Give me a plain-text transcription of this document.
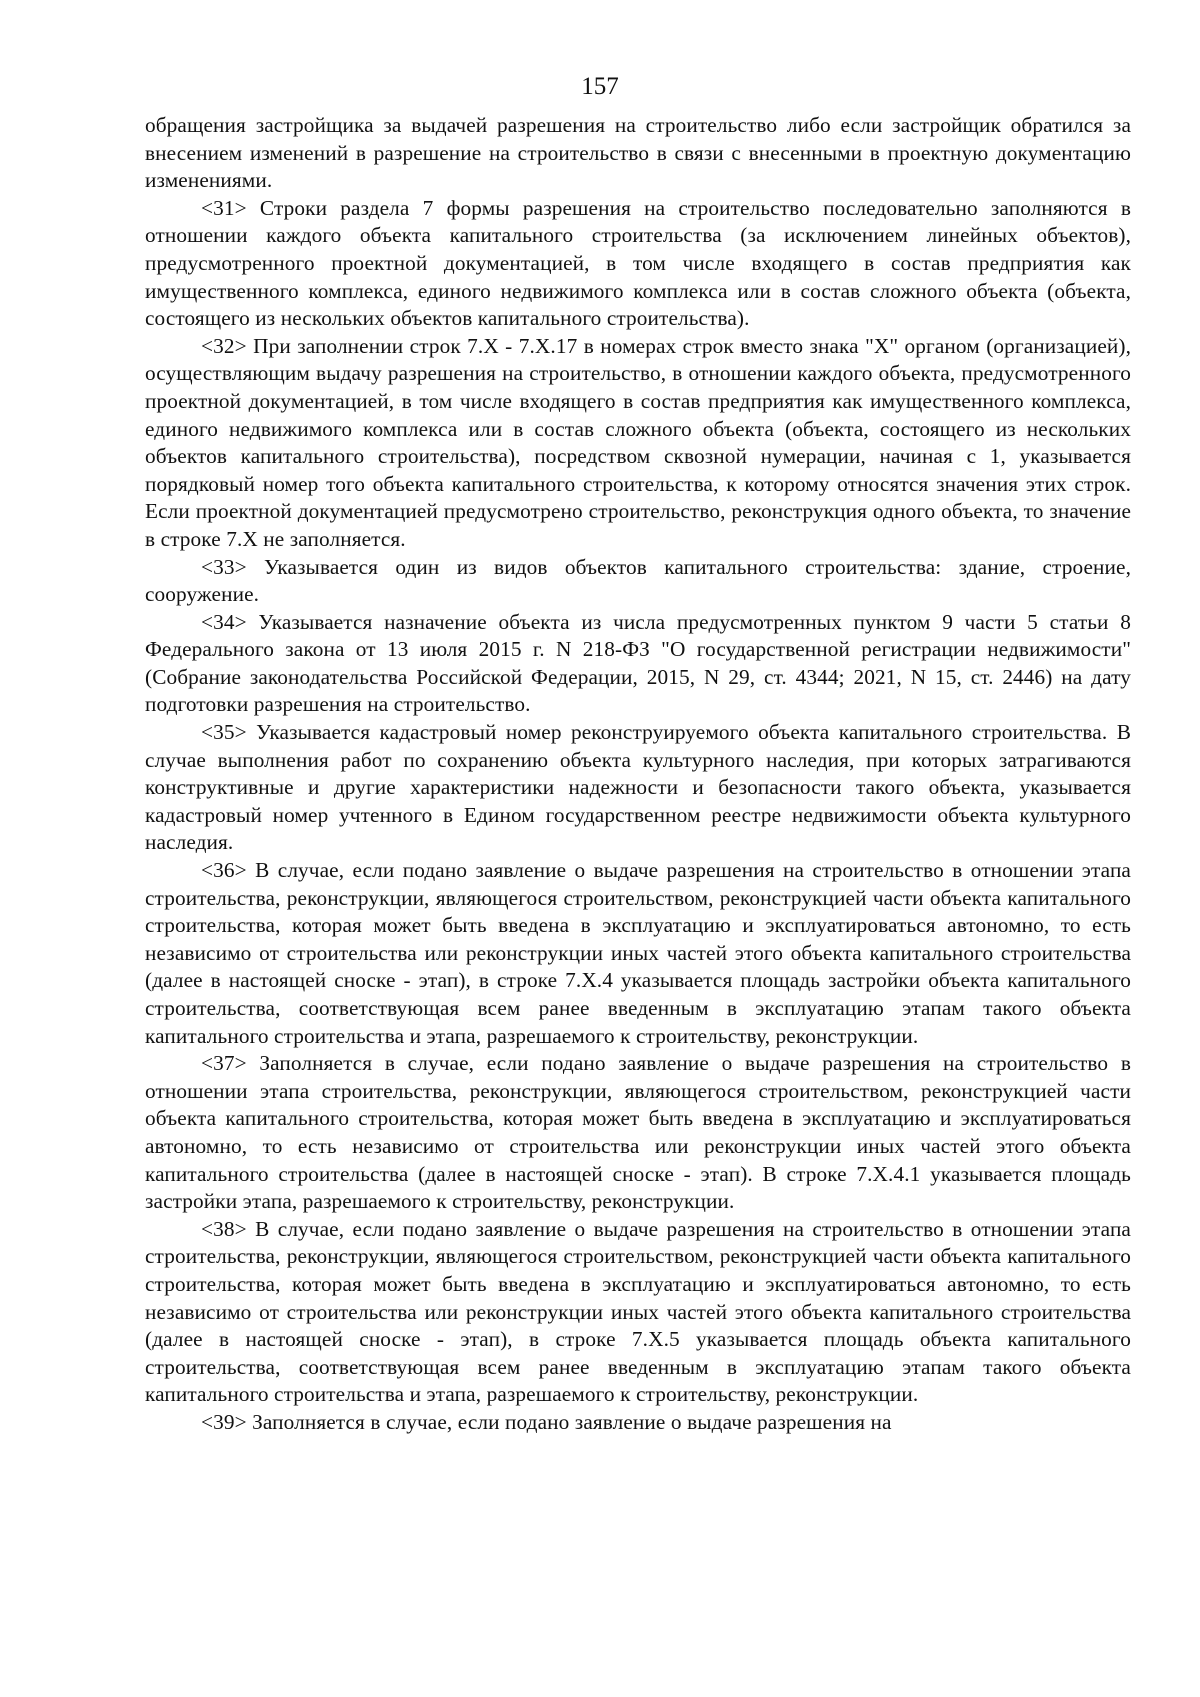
157

обращения застройщика за выдачей разрешения на строительство либо если застройщик обратился за внесением изменений в разрешение на строительство в связи с внесенными в проектную документацию изменениями.

<31> Строки раздела 7 формы разрешения на строительство последовательно заполняются в отношении каждого объекта капитального строительства (за исключением линейных объектов), предусмотренного проектной документацией, в том числе входящего в состав предприятия как имущественного комплекса, единого недвижимого комплекса или в состав сложного объекта (объекта, состоящего из нескольких объектов капитального строительства).

<32> При заполнении строк 7.X - 7.X.17 в номерах строк вместо знака "X" органом (организацией), осуществляющим выдачу разрешения на строительство, в отношении каждого объекта, предусмотренного проектной документацией, в том числе входящего в состав предприятия как имущественного комплекса, единого недвижимого комплекса или в состав сложного объекта (объекта, состоящего из нескольких объектов капитального строительства), посредством сквозной нумерации, начиная с 1, указывается порядковый номер того объекта капитального строительства, к которому относятся значения этих строк. Если проектной документацией предусмотрено строительство, реконструкция одного объекта, то значение в строке 7.X не заполняется.

<33> Указывается один из видов объектов капитального строительства: здание, строение, сооружение.

<34> Указывается назначение объекта из числа предусмотренных пунктом 9 части 5 статьи 8 Федерального закона от 13 июля 2015 г. N 218-ФЗ "О государственной регистрации недвижимости" (Собрание законодательства Российской Федерации, 2015, N 29, ст. 4344; 2021, N 15, ст. 2446) на дату подготовки разрешения на строительство.

<35> Указывается кадастровый номер реконструируемого объекта капитального строительства. В случае выполнения работ по сохранению объекта культурного наследия, при которых затрагиваются конструктивные и другие характеристики надежности и безопасности такого объекта, указывается кадастровый номер учтенного в Едином государственном реестре недвижимости объекта культурного наследия.

<36> В случае, если подано заявление о выдаче разрешения на строительство в отношении этапа строительства, реконструкции, являющегося строительством, реконструкцией части объекта капитального строительства, которая может быть введена в эксплуатацию и эксплуатироваться автономно, то есть независимо от строительства или реконструкции иных частей этого объекта капитального строительства (далее в настоящей сноске - этап), в строке 7.X.4 указывается площадь застройки объекта капитального строительства, соответствующая всем ранее введенным в эксплуатацию этапам такого объекта капитального строительства и этапа, разрешаемого к строительству, реконструкции.

<37> Заполняется в случае, если подано заявление о выдаче разрешения на строительство в отношении этапа строительства, реконструкции, являющегося строительством, реконструкцией части объекта капитального строительства, которая может быть введена в эксплуатацию и эксплуатироваться автономно, то есть независимо от строительства или реконструкции иных частей этого объекта капитального строительства (далее в настоящей сноске - этап). В строке 7.X.4.1 указывается площадь застройки этапа, разрешаемого к строительству, реконструкции.

<38> В случае, если подано заявление о выдаче разрешения на строительство в отношении этапа строительства, реконструкции, являющегося строительством, реконструкцией части объекта капитального строительства, которая может быть введена в эксплуатацию и эксплуатироваться автономно, то есть независимо от строительства или реконструкции иных частей этого объекта капитального строительства (далее в настоящей сноске - этап), в строке 7.X.5 указывается площадь объекта капитального строительства, соответствующая всем ранее введенным в эксплуатацию этапам такого объекта капитального строительства и этапа, разрешаемого к строительству, реконструкции.

<39> Заполняется в случае, если подано заявление о выдаче разрешения на
